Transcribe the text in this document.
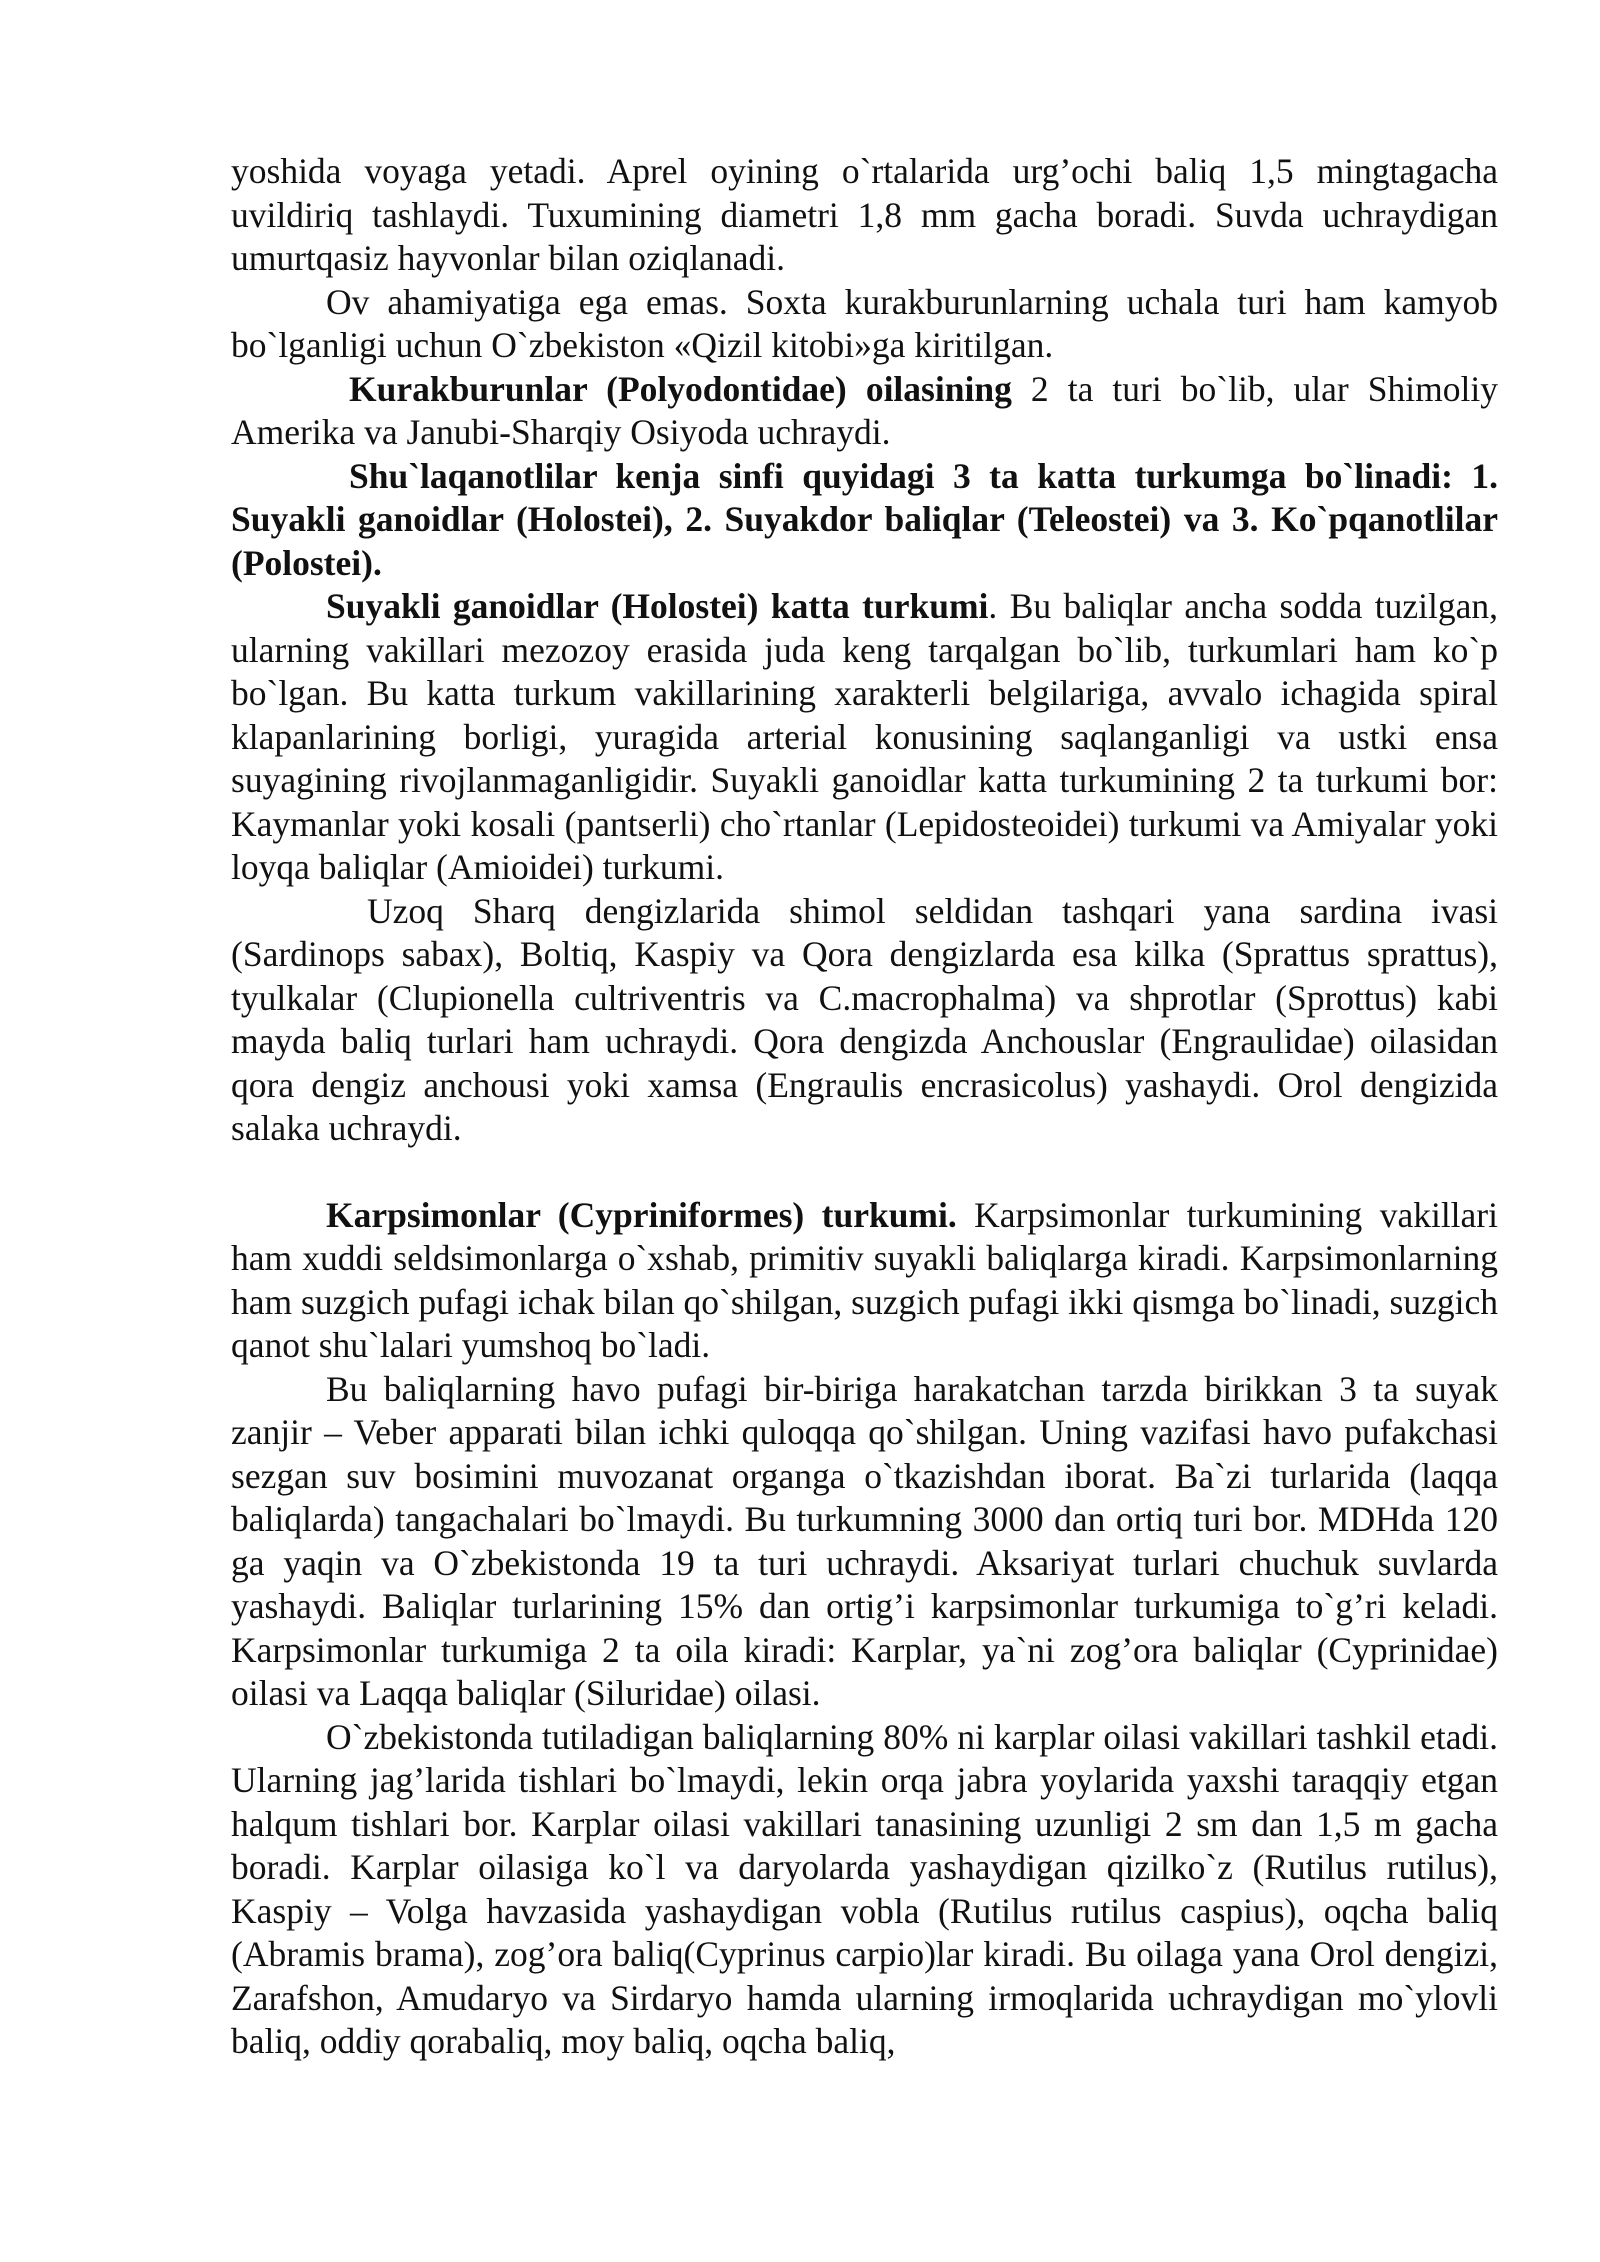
yoshida voyaga yetadi. Aprel oyining o`rtalarida urg’ochi baliq 1,5 mingtagacha uvildiriq tashlaydi. Tuxumining diametri 1,8 mm gacha boradi. Suvda uchraydigan umurtqasiz hayvonlar bilan oziqlanadi.

Ov ahamiyatiga ega emas. Soxta kurakburunlarning uchala turi ham kamyob bo`lganligi uchun O`zbekiston «Qizil kitobi»ga kiritilgan.

Kurakburunlar (Polyodontidae) oilasining 2 ta turi bo`lib, ular Shimoliy Amerika va Janubi-Sharqiy Osiyoda uchraydi.

Shu`laqanotlilar kenja sinfi quyidagi 3 ta katta turkumga bo`linadi: 1. Suyakli ganoidlar (Holostei), 2. Suyakdor baliqlar (Teleostei) va 3. Ko`pqanotlilar (Polostei).

Suyakli ganoidlar (Holostei) katta turkumi. Bu baliqlar ancha sodda tuzilgan, ularning vakillari mezozoy erasida juda keng tarqalgan bo`lib, turkumlari ham ko`p bo`lgan. Bu katta turkum vakillarining xarakterli belgilariga, avvalo ichagida spiral klapanlarining borligi, yuragida arterial konusining saqlanganligi va ustki ensa suyagining rivojlanmaganligidir. Suyakli ganoidlar katta turkumining 2 ta turkumi bor: Kaymanlar yoki kosali (pantserli) cho`rtanlar (Lepidosteoidei) turkumi va Amiyalar yoki loyqa baliqlar (Amioidei) turkumi.

Uzoq Sharq dengizlarida shimol seldidan tashqari yana sardina ivasi (Sardinops sabax), Boltiq, Kaspiy va Qora dengizlarda esa kilka (Sprattus sprattus), tyulkalar (Clupionella cultriventris va C.macrophalma) va shprotlar (Sprottus) kabi mayda baliq turlari ham uchraydi. Qora dengizda Anchouslar (Engraulidae) oilasidan qora dengiz anchousi yoki xamsa (Engraulis encrasicolus) yashaydi. Orol dengizida salaka uchraydi.

Karpsimonlar (Cypriniformes) turkumi. Karpsimonlar turkumining vakillari ham xuddi seldsimonlarga o`xshab, primitiv suyakli baliqlarga kiradi. Karpsimonlarning ham suzgich pufagi ichak bilan qo`shilgan, suzgich pufagi ikki qismga bo`linadi, suzgich qanot shu`lalari yumshoq bo`ladi.

Bu baliqlarning havo pufagi bir-biriga harakatchan tarzda birikkan 3 ta suyak zanjir – Veber apparati bilan ichki quloqqa qo`shilgan. Uning vazifasi havo pufakchasi sezgan suv bosimini muvozanat organga o`tkazishdan iborat. Ba`zi turlarida (laqqa baliqlarda) tangachalari bo`lmaydi. Bu turkumning 3000 dan ortiq turi bor. MDHda 120 ga yaqin va O`zbekistonda 19 ta turi uchraydi. Aksariyat turlari chuchuk suvlarda yashaydi. Baliqlar turlarining 15% dan ortig’i karpsimonlar turkumiga to`g’ri keladi. Karpsimonlar turkumiga 2 ta oila kiradi: Karplar, ya`ni zog’ora baliqlar (Cyprinidae) oilasi va Laqqa baliqlar (Siluridae) oilasi.

O`zbekistonda tutiladigan baliqlarning 80% ni karplar oilasi vakillari tashkil etadi. Ularning jag’larida tishlari bo`lmaydi, lekin orqa jabra yoylarida yaxshi taraqqiy etgan halqum tishlari bor. Karplar oilasi vakillari tanasining uzunligi 2 sm dan 1,5 m gacha boradi. Karplar oilasiga ko`l va daryolarda yashaydigan qizilko`z (Rutilus rutilus), Kaspiy – Volga havzasida yashaydigan vobla (Rutilus rutilus caspius), oqcha baliq (Abramis brama), zog’ora baliq(Cyprinus carpio)lar kiradi. Bu oilaga yana Orol dengizi, Zarafshon, Amudaryo va Sirdaryo hamda ularning irmoqlarida uchraydigan mo`ylovli baliq, oddiy qorabaliq, moy baliq, oqcha baliq,
